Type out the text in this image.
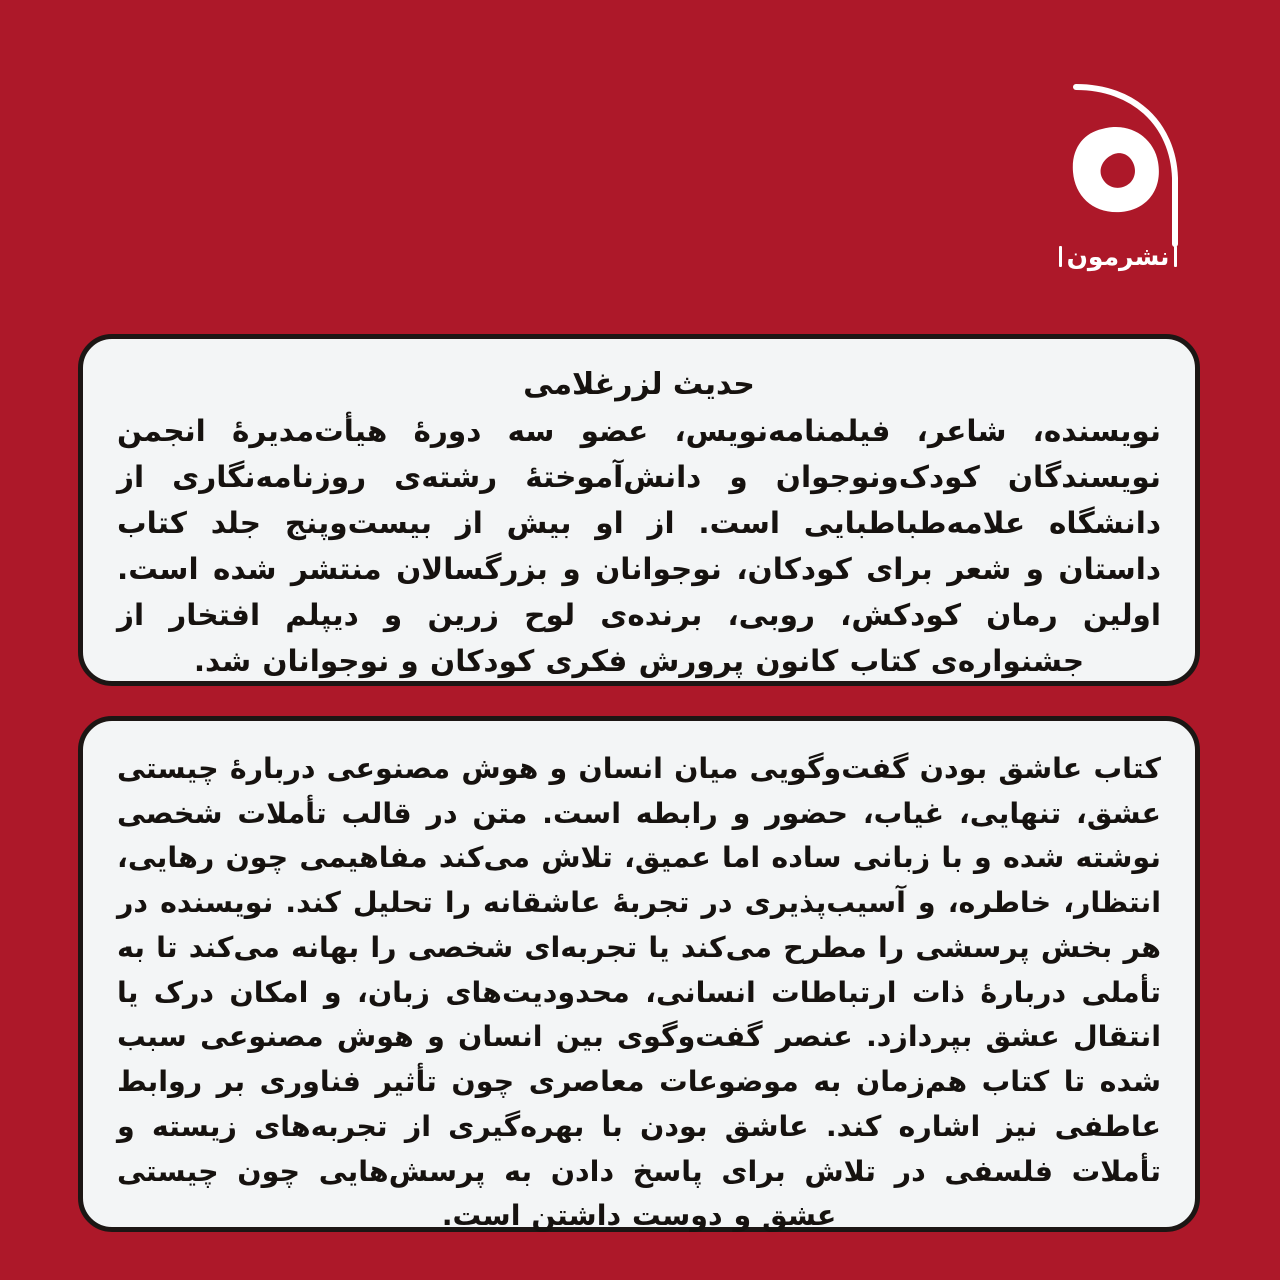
نشرمون

حدیث لزرغلامی

نویسنده، شاعر، فیلمنامه‌نویس، عضو سه دورهٔ هیأت‌مدیرهٔ انجمن نویسندگان کودک‌ونوجوان و دانش‌آموختهٔ رشته‌ی روزنامه‌نگاری از دانشگاه علامه‌طباطبایی است. از او بیش از بیست‌وپنج جلد کتاب داستان و شعر برای کودکان، نوجوانان و بزرگسالان منتشر شده است. اولین رمان کودکش، روبی، برنده‌ی لوح زرین و دیپلم افتخار از جشنواره‌ی کتاب کانون پرورش فکری کودکان و نوجوانان شد.

کتاب عاشق بودن گفت‌وگویی میان انسان و هوش مصنوعی دربارهٔ چیستی عشق، تنهایی، غیاب، حضور و رابطه است. متن در قالب تأملات شخصی نوشته شده و با زبانی ساده اما عمیق، تلاش می‌کند مفاهیمی چون رهایی، انتظار، خاطره، و آسیب‌پذیری در تجربهٔ عاشقانه را تحلیل کند. نویسنده در هر بخش پرسشی را مطرح می‌کند یا تجربه‌ای شخصی را بهانه می‌کند تا به تأملی دربارهٔ ذات ارتباطات انسانی، محدودیت‌های زبان، و امکان درک یا انتقال عشق بپردازد. عنصر گفت‌وگوی بین انسان و هوش مصنوعی سبب شده تا کتاب هم‌زمان به موضوعات معاصری چون تأثیر فناوری بر روابط عاطفی نیز اشاره کند. عاشق بودن با بهره‌گیری از تجربه‌های زیسته و تأملات فلسفی در تلاش برای پاسخ دادن به پرسش‌هایی چون چیستی عشق و دوست داشتن است.
